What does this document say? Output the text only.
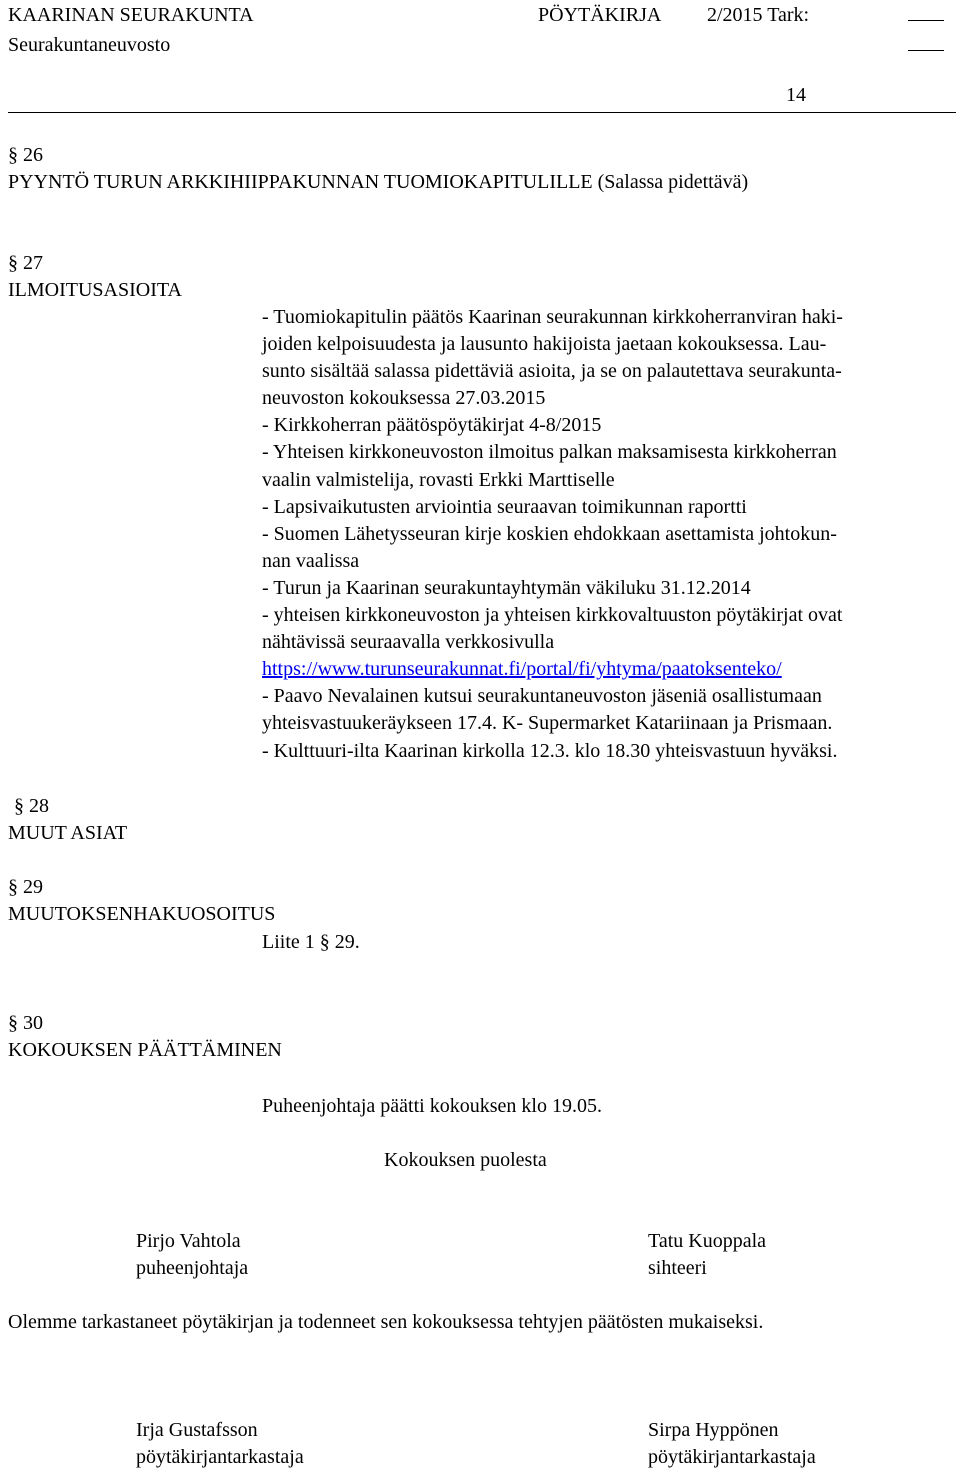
KAARINAN SEURAKUNTA	PÖYTÄKIRJA 2/2015 Tark:
Seurakuntaneuvosto
14
§ 26
PYYNTÖ TURUN ARKKIHIIPPAKUNNAN TUOMIOKAPITULILLE (Salassa pidettävä)
§ 27
ILMOITUSASIOITA
- Tuomiokapitulin päätös Kaarinan seurakunnan kirkkoherranviran haki-
joiden kelpoisuudesta ja lausunto hakijoista jaetaan kokouksessa. Lau-
sunto sisältää salassa pidettäviä asioita, ja se on palautettava seurakunta-
neuvoston kokouksessa 27.03.2015
- Kirkkoherran päätöspöytäkirjat 4-8/2015
- Yhteisen kirkkoneuvoston ilmoitus palkan maksamisesta kirkkoherran
vaalin valmistelija, rovasti Erkki Marttiselle
- Lapsivaikutusten arviointia seuraavan toimikunnan raportti
- Suomen Lähetysseuran kirje koskien ehdokkaan asettamista johtokun-
nan vaalissa
- Turun ja Kaarinan seurakuntayhtymän väkiluku 31.12.2014
- yhteisen kirkkoneuvoston ja yhteisen kirkkovaltuuston pöytäkirjat ovat
nähtävissä seuraavalla verkkosivulla
https://www.turunseurakunnat.fi/portal/fi/yhtyma/paatoksenteko/
- Paavo Nevalainen kutsui seurakuntaneuvoston jäseniä osallistumaan
yhteisvastuukeräykseen 17.4. K- Supermarket Katariinaan ja Prismaan.
- Kulttuuri-ilta Kaarinan kirkolla 12.3. klo 18.30 yhteisvastuun hyväksi.
§ 28
MUUT ASIAT
§ 29
MUUTOKSENHAKUOSOITUS
Liite 1 § 29.
§ 30
KOKOUKSEN PÄÄTTÄMINEN
Puheenjohtaja päätti kokouksen klo 19.05.
Kokouksen puolesta
Pirjo Vahtola
puheenjohtaja
Tatu Kuoppala
sihteeri
Olemme tarkastaneet pöytäkirjan ja todenneet sen kokouksessa tehtyjen päätösten mukaiseksi.
Irja Gustafsson
pöytäkirjantarkastaja
Sirpa Hyppönen
pöytäkirjantarkastaja
